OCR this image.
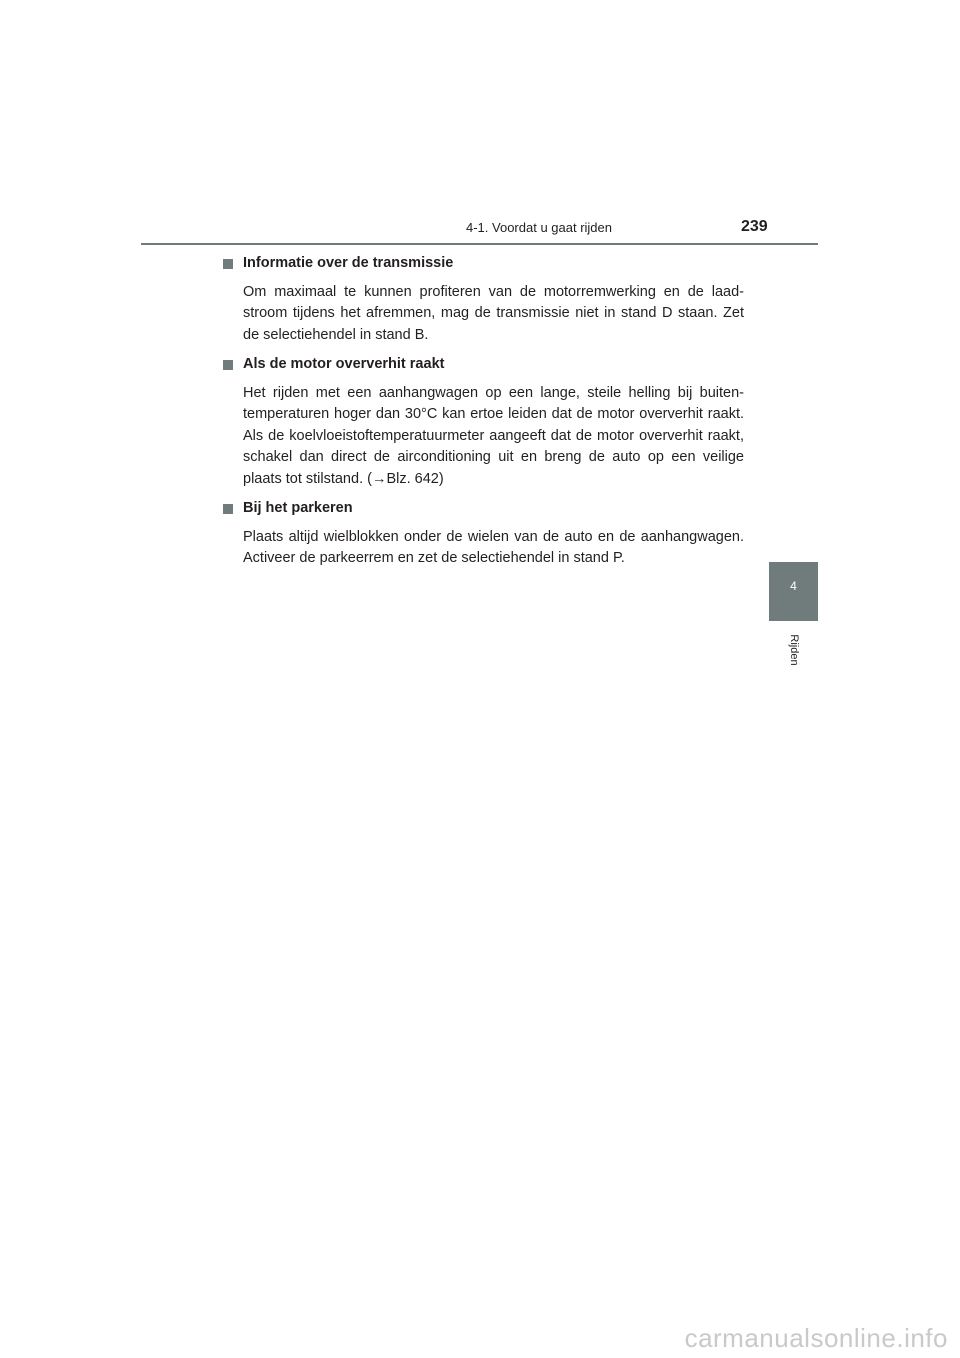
4-1. Voordat u gaat rijden	239
Informatie over de transmissie
Om maximaal te kunnen profiteren van de motorremwerking en de laadstroom tijdens het afremmen, mag de transmissie niet in stand D staan. Zet de selectiehendel in stand B.
Als de motor oververhit raakt
Het rijden met een aanhangwagen op een lange, steile helling bij buitentemperaturen hoger dan 30°C kan ertoe leiden dat de motor oververhit raakt. Als de koelvloeistoftemperatuurmeter aangeeft dat de motor oververhit raakt, schakel dan direct de airconditioning uit en breng de auto op een veilige plaats tot stilstand. (→Blz. 642)
Bij het parkeren
Plaats altijd wielblokken onder de wielen van de auto en de aanhangwagen. Activeer de parkeerrem en zet de selectiehendel in stand P.
4
Rijden
carmanualsonline.info
